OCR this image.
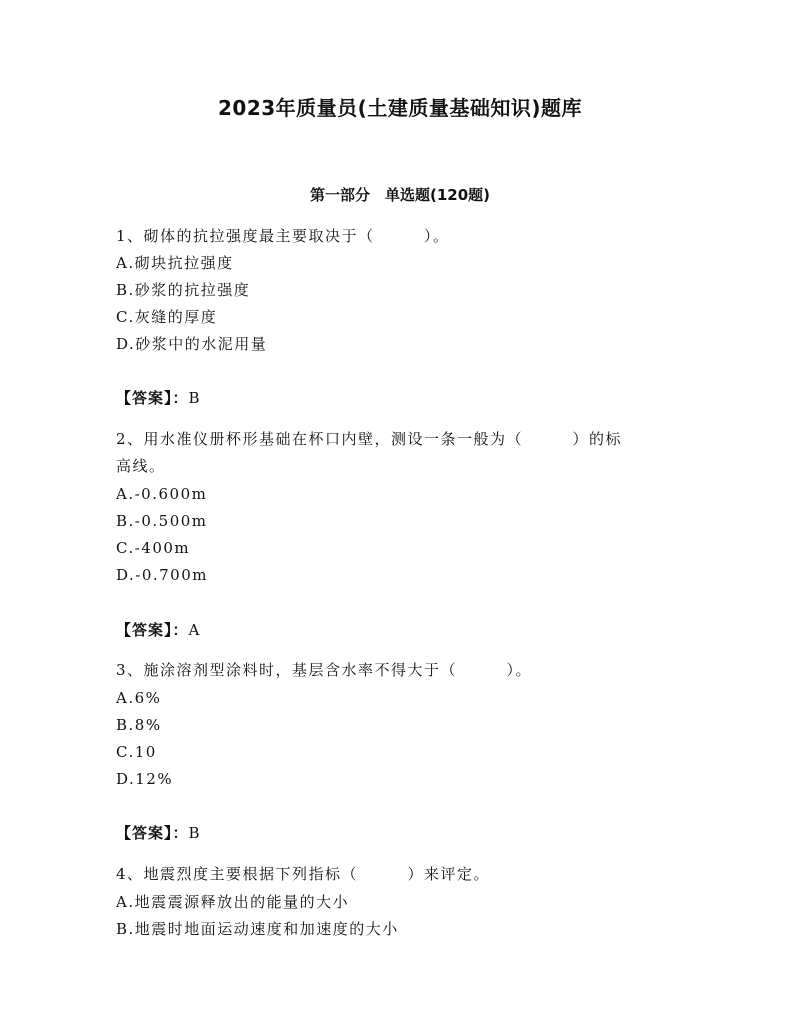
2023年质量员(土建质量基础知识)题库
第一部分　单选题(120题)
1、砌体的抗拉强度最主要取决于（　　　）。
A.砌块抗拉强度
B.砂浆的抗拉强度
C.灰缝的厚度
D.砂浆中的水泥用量
【答案】：B
2、用水准仪册杯形基础在杯口内壁，测设一条一般为（　　　）的标
高线。
A.-0.600m
B.-0.500m
C.-400m
D.-0.700m
【答案】：A
3、施涂溶剂型涂料时，基层含水率不得大于（　　　）。
A.6%
B.8%
C.10
D.12%
【答案】：B
4、地震烈度主要根据下列指标（　　　）来评定。
A.地震震源释放出的能量的大小
B.地震时地面运动速度和加速度的大小
